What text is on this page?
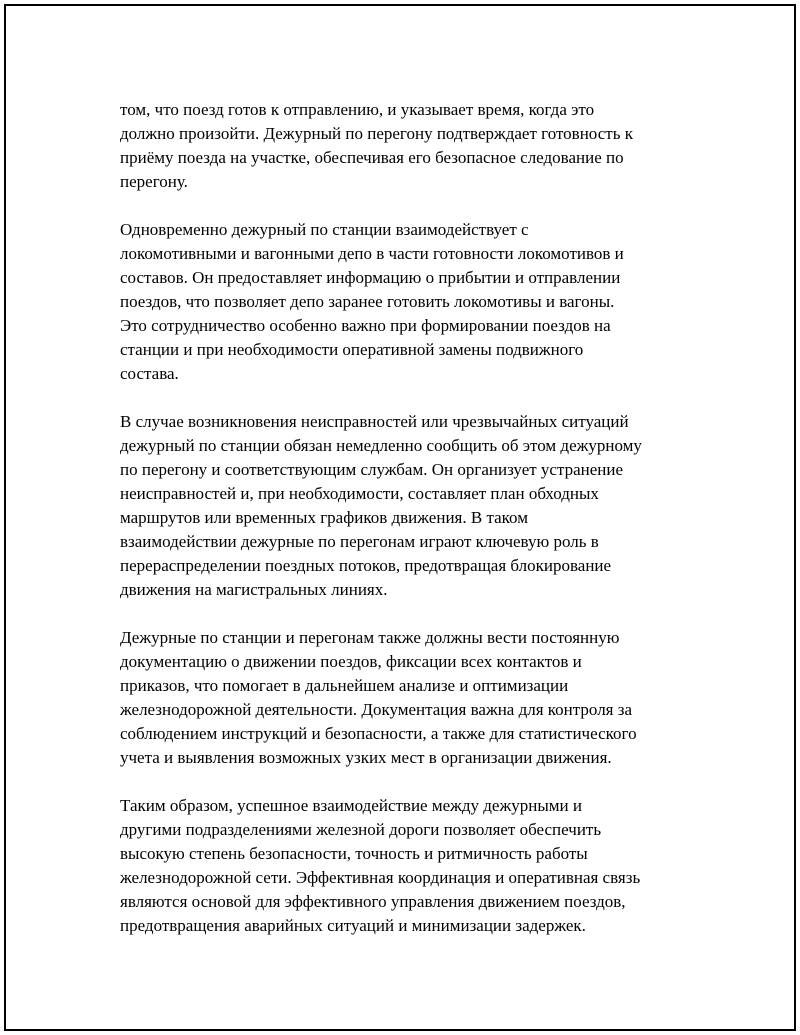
том, что поезд готов к отправлению, и указывает время, когда это
должно произойти. Дежурный по перегону подтверждает готовность к
приёму поезда на участке, обеспечивая его безопасное следование по
перегону.

Одновременно дежурный по станции взаимодействует с
локомотивными и вагонными депо в части готовности локомотивов и
составов. Он предоставляет информацию о прибытии и отправлении
поездов, что позволяет депо заранее готовить локомотивы и вагоны.
Это сотрудничество особенно важно при формировании поездов на
станции и при необходимости оперативной замены подвижного
состава.

В случае возникновения неисправностей или чрезвычайных ситуаций
дежурный по станции обязан немедленно сообщить об этом дежурному
по перегону и соответствующим службам. Он организует устранение
неисправностей и, при необходимости, составляет план обходных
маршрутов или временных графиков движения. В таком
взаимодействии дежурные по перегонам играют ключевую роль в
перераспределении поездных потоков, предотвращая блокирование
движения на магистральных линиях.

Дежурные по станции и перегонам также должны вести постоянную
документацию о движении поездов, фиксации всех контактов и
приказов, что помогает в дальнейшем анализе и оптимизации
железнодорожной деятельности. Документация важна для контроля за
соблюдением инструкций и безопасности, а также для статистического
учета и выявления возможных узких мест в организации движения.

Таким образом, успешное взаимодействие между дежурными и
другими подразделениями железной дороги позволяет обеспечить
высокую степень безопасности, точность и ритмичность работы
железнодорожной сети. Эффективная координация и оперативная связь
являются основой для эффективного управления движением поездов,
предотвращения аварийных ситуаций и минимизации задержек.
